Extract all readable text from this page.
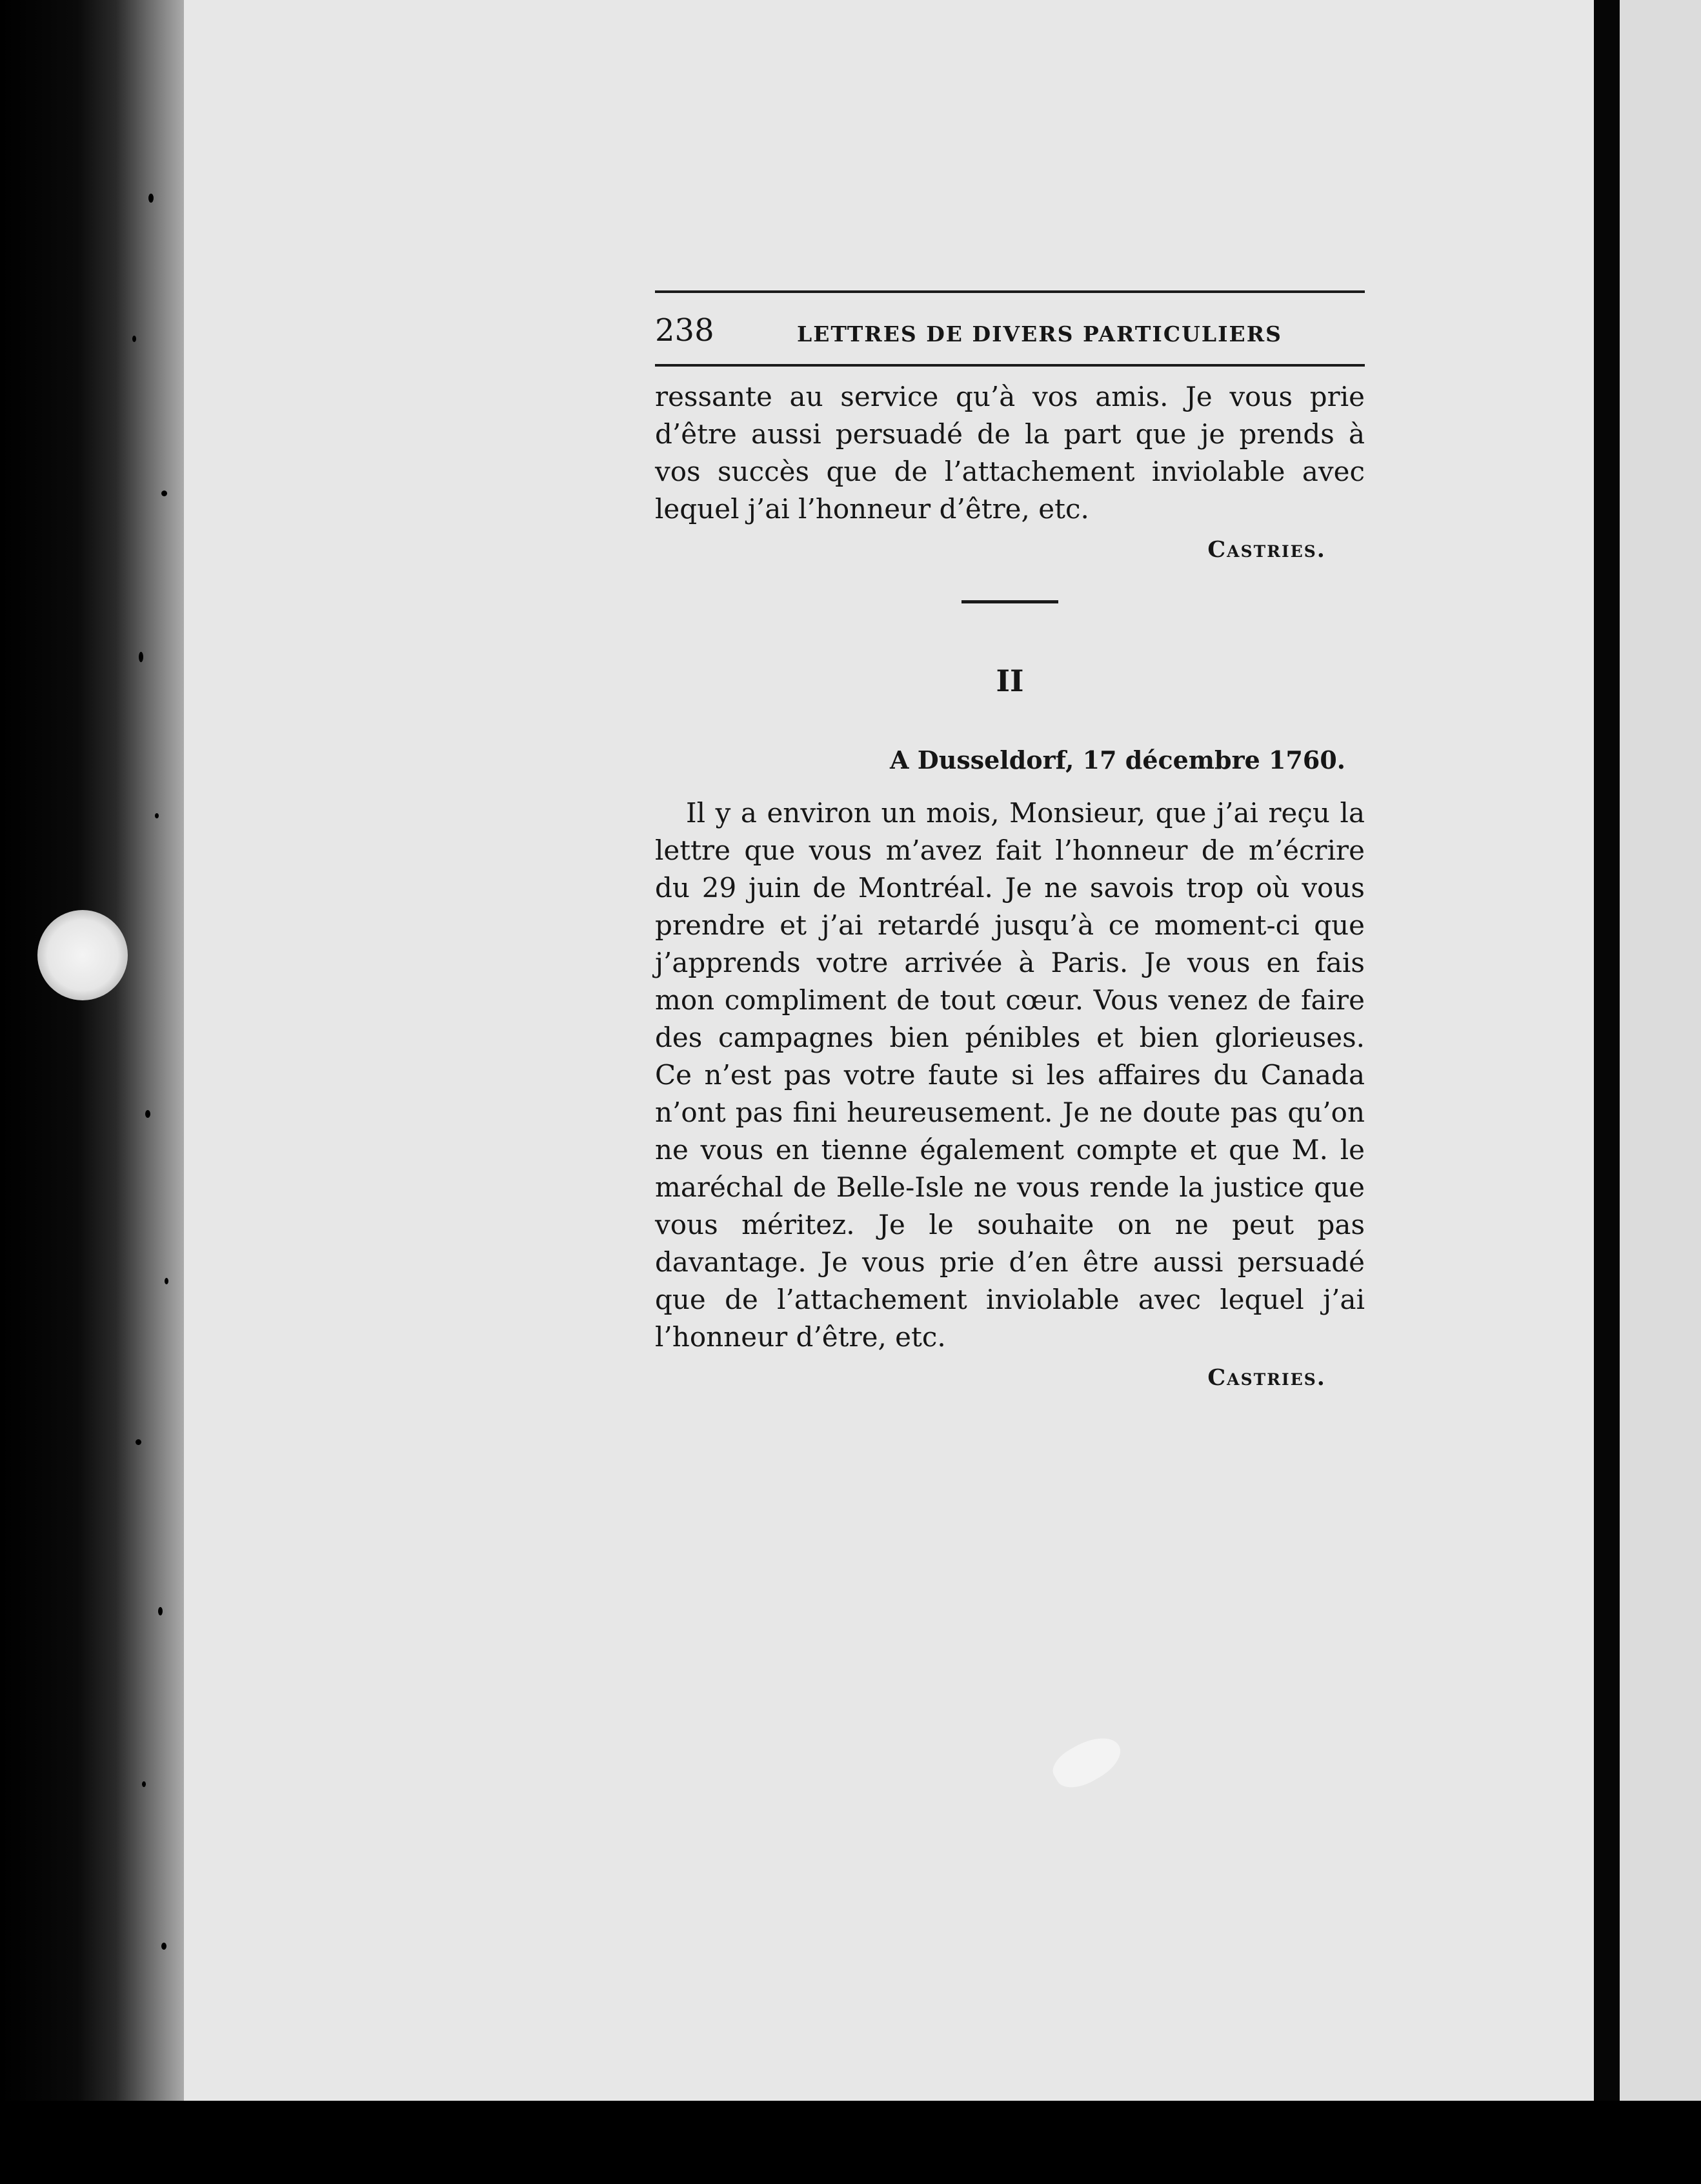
238	LETTRES DE DIVERS PARTICULIERS

ressante au service qu’à vos amis. Je vous prie d’être aussi persuadé de la part que je prends à vos succès que de l’attachement inviolable avec lequel j’ai l’honneur d’être, etc.

Castries.
II
A Dusseldorf, 17 décembre 1760.

Il y a environ un mois, Monsieur, que j’ai reçu la lettre que vous m’avez fait l’honneur de m’écrire du 29 juin de Montréal. Je ne savois trop où vous prendre et j’ai retardé jusqu’à ce moment-ci que j’apprends votre arrivée à Paris. Je vous en fais mon compliment de tout cœur. Vous venez de faire des campagnes bien pénibles et bien glorieuses. Ce n’est pas votre faute si les affaires du Canada n’ont pas fini heureusement. Je ne doute pas qu’on ne vous en tienne également compte et que M. le maréchal de Belle-Isle ne vous rende la justice que vous méritez. Je le souhaite on ne peut pas davantage. Je vous prie d’en être aussi persuadé que de l’attachement inviolable avec lequel j’ai l’honneur d’être, etc.

Castries.
